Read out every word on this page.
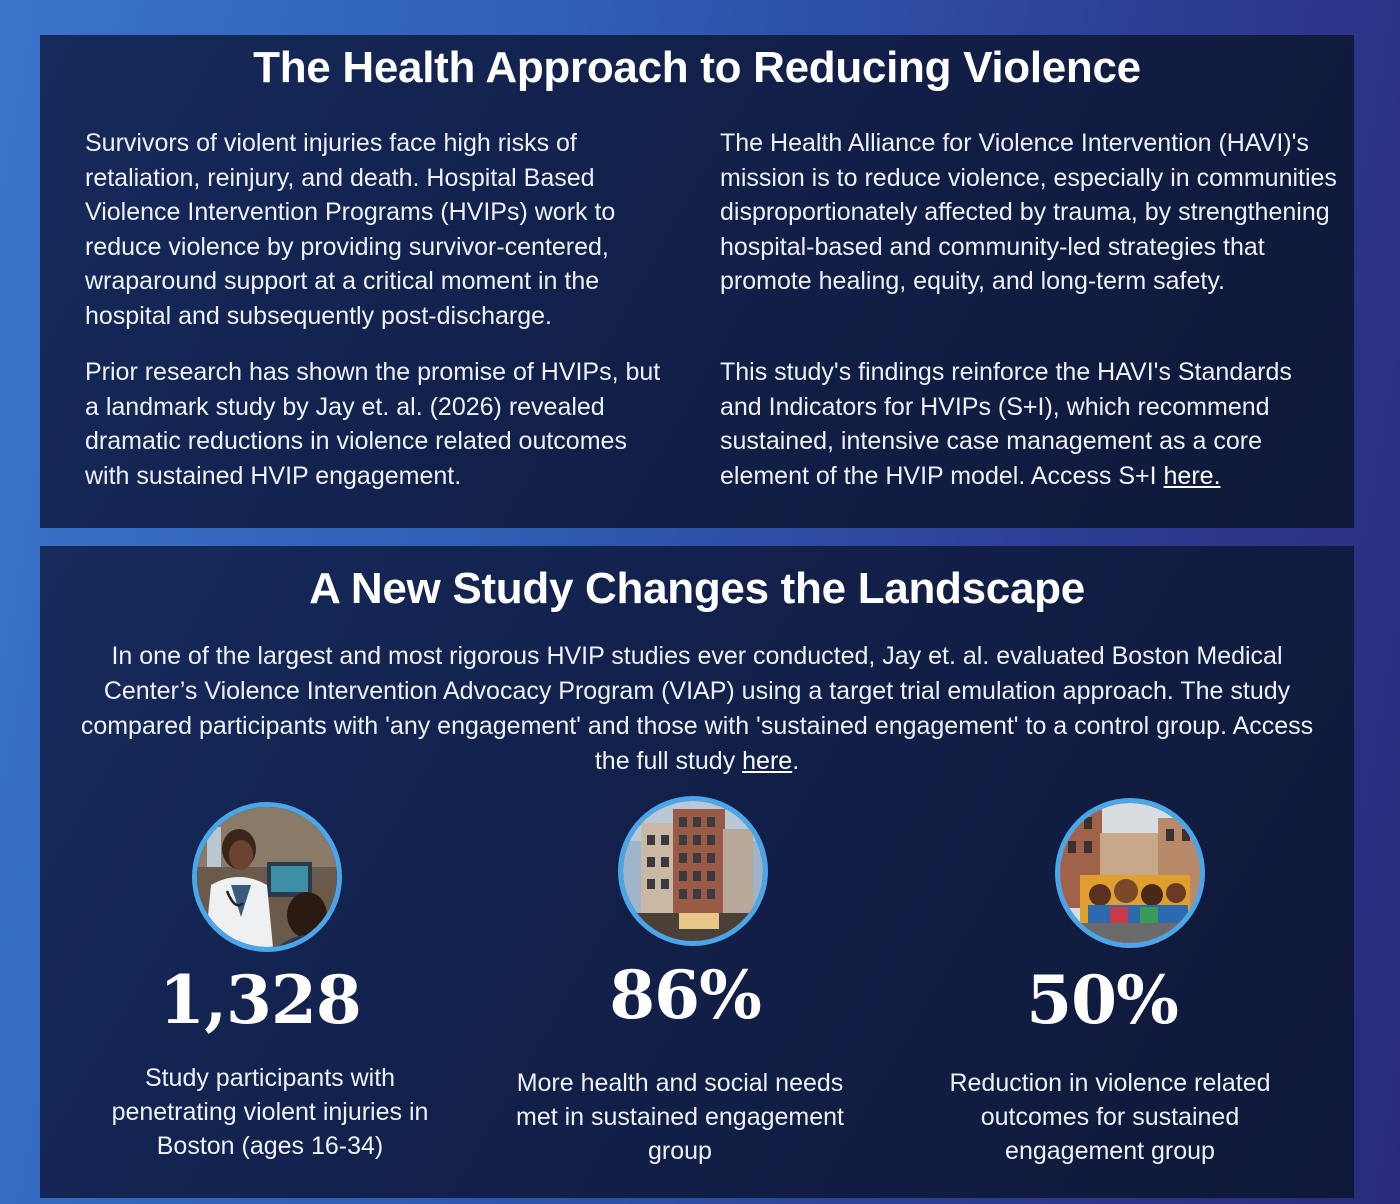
The Health Approach to Reducing Violence

Survivors of violent injuries face high risks of retaliation, reinjury, and death. Hospital Based Violence Intervention Programs (HVIPs) work to reduce violence by providing survivor-centered, wraparound support at a critical moment in the hospital and subsequently post-discharge.

Prior research has shown the promise of HVIPs, but a landmark study by Jay et. al. (2026) revealed dramatic reductions in violence related outcomes with sustained HVIP engagement.

The Health Alliance for Violence Intervention (HAVI)'s mission is to reduce violence, especially in communities disproportionately affected by trauma, by strengthening hospital-based and community-led strategies that promote healing, equity, and long-term safety.

This study's findings reinforce the HAVI's Standards and Indicators for HVIPs (S+I), which recommend sustained, intensive case management as a core element of the HVIP model. Access S+I here.

A New Study Changes the Landscape

In one of the largest and most rigorous HVIP studies ever conducted, Jay et. al. evaluated Boston Medical Center’s Violence Intervention Advocacy Program (VIAP) using a target trial emulation approach. The study compared participants with 'any engagement' and those with 'sustained engagement' to a control group. Access the full study here.

1,328
Study participants with penetrating violent injuries in Boston (ages 16-34)
86%
More health and social needs met in sustained engagement group
50%
Reduction in violence related outcomes for sustained engagement group
